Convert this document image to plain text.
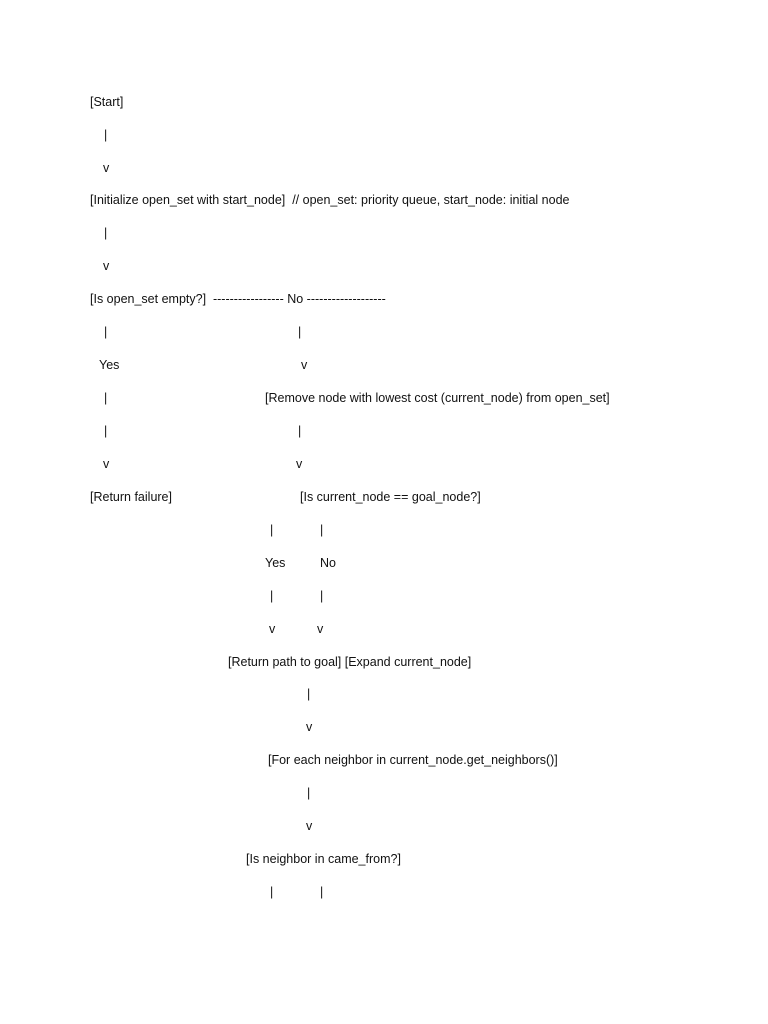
[Start]
|
v
[Initialize open_set with start_node]  // open_set: priority queue, start_node: initial node
|
v
[Is open_set empty?]  ----------------- No -------------------
|	|
Yes	v
|	[Remove node with lowest cost (current_node) from open_set]
|	|
v	v
[Return failure]	[Is current_node == goal_node?]
|	|
Yes	No
|	|
v	v
[Return path to goal] [Expand current_node]
|
v
[For each neighbor in current_node.get_neighbors()]
|
v
[Is neighbor in came_from?]
|	|
